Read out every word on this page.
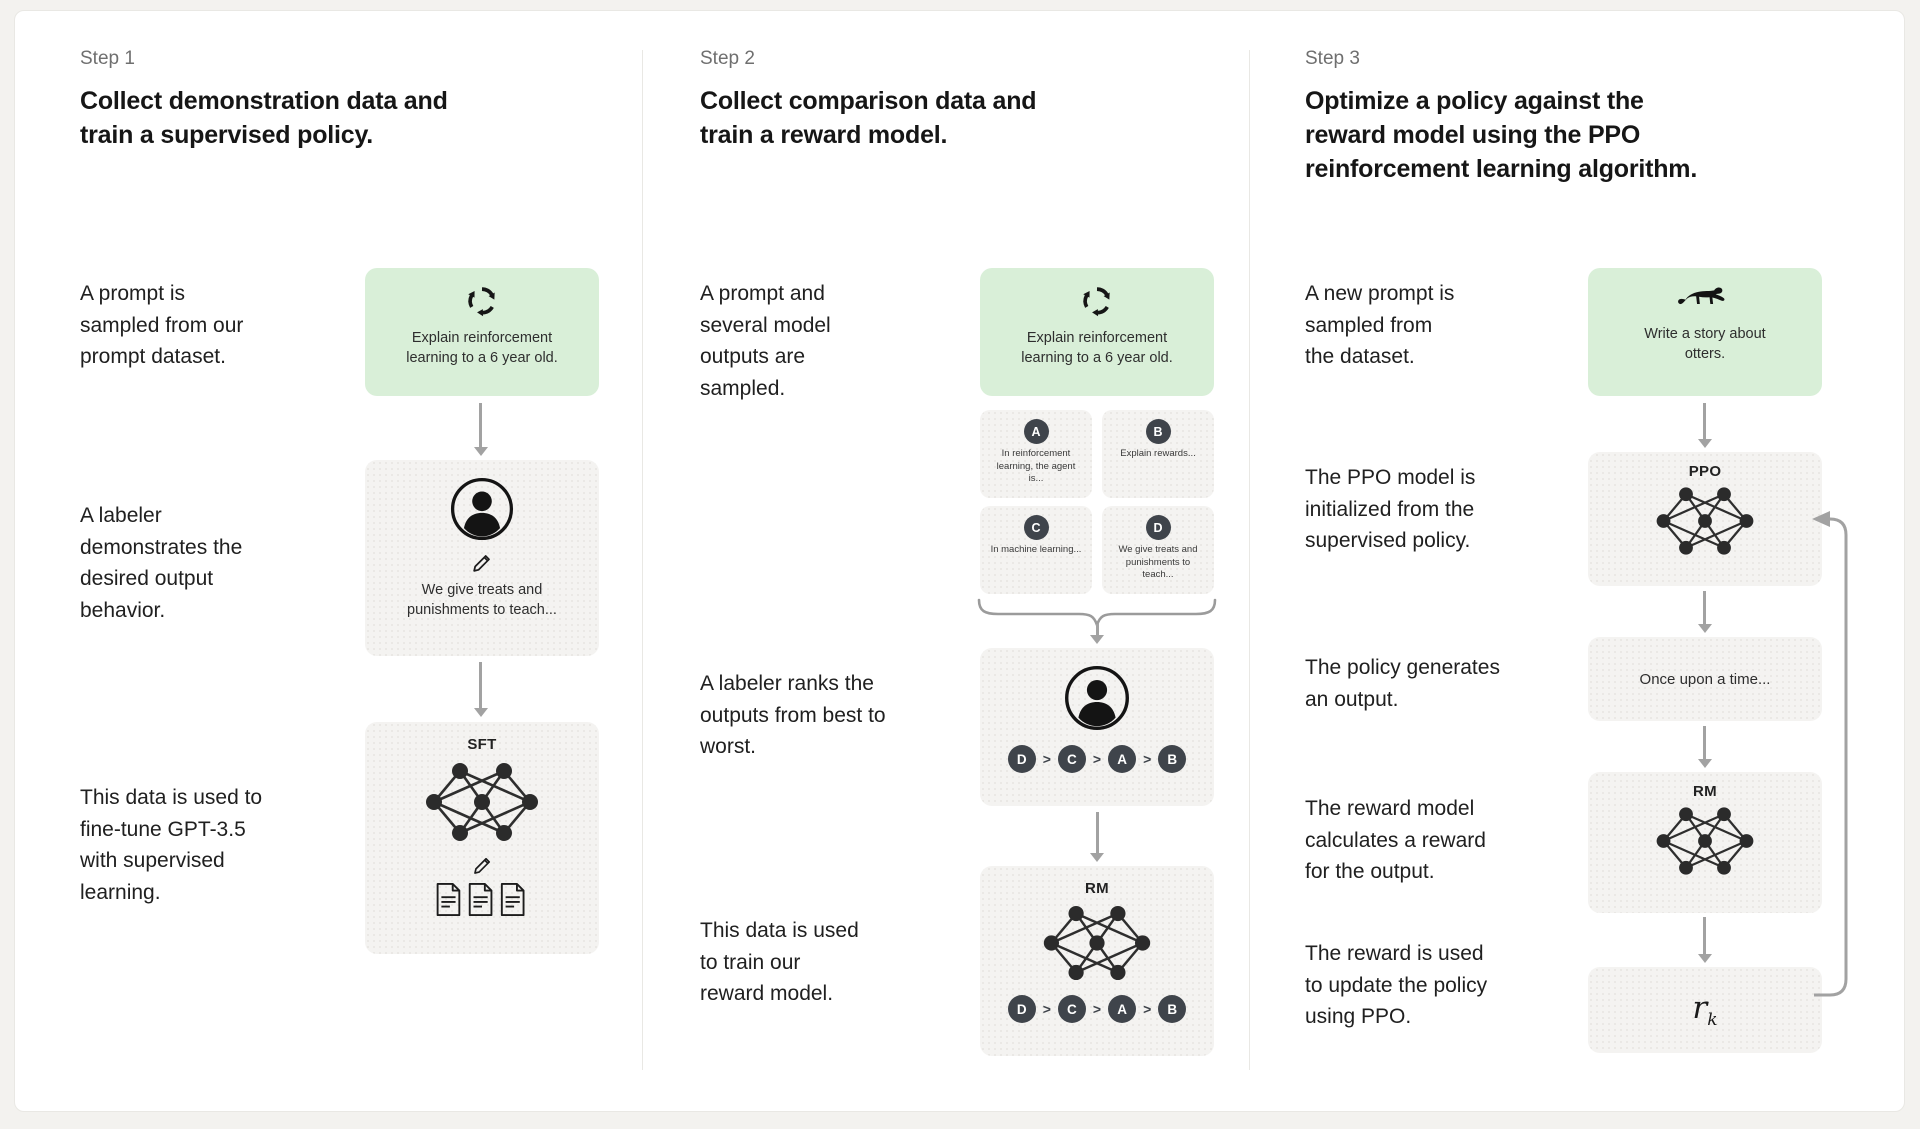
Step 1
Collect demonstration data and train a supervised policy.

A prompt is sampled from our prompt dataset.

A labeler demonstrates the desired output behavior.

This data is used to fine-tune GPT-3.5 with supervised learning.

Explain reinforcement learning to a 6 year old.
We give treats and punishments to teach...
SFT
Step 2
Collect comparison data and train a reward model.

A prompt and several model outputs are sampled.

A labeler ranks the outputs from best to worst.

This data is used to train our reward model.

Explain reinforcement learning to a 6 year old.
A
In reinforcement learning, the agent is...
B
Explain rewards...
C
In machine learning...
D
We give treats and punishments to teach...
D	>	C	>	A	>	B
RM
D	>	C	>	A	>	B
Step 3
Optimize a policy against the reward model using the PPO reinforcement learning algorithm.

A new prompt is sampled from the dataset.

The PPO model is initialized from the supervised policy.

The policy generates an output.

The reward model calculates a reward for the output.

The reward is used to update the policy using PPO.

Write a story about otters.
PPO
Once upon a time...
RM
$r_k$
